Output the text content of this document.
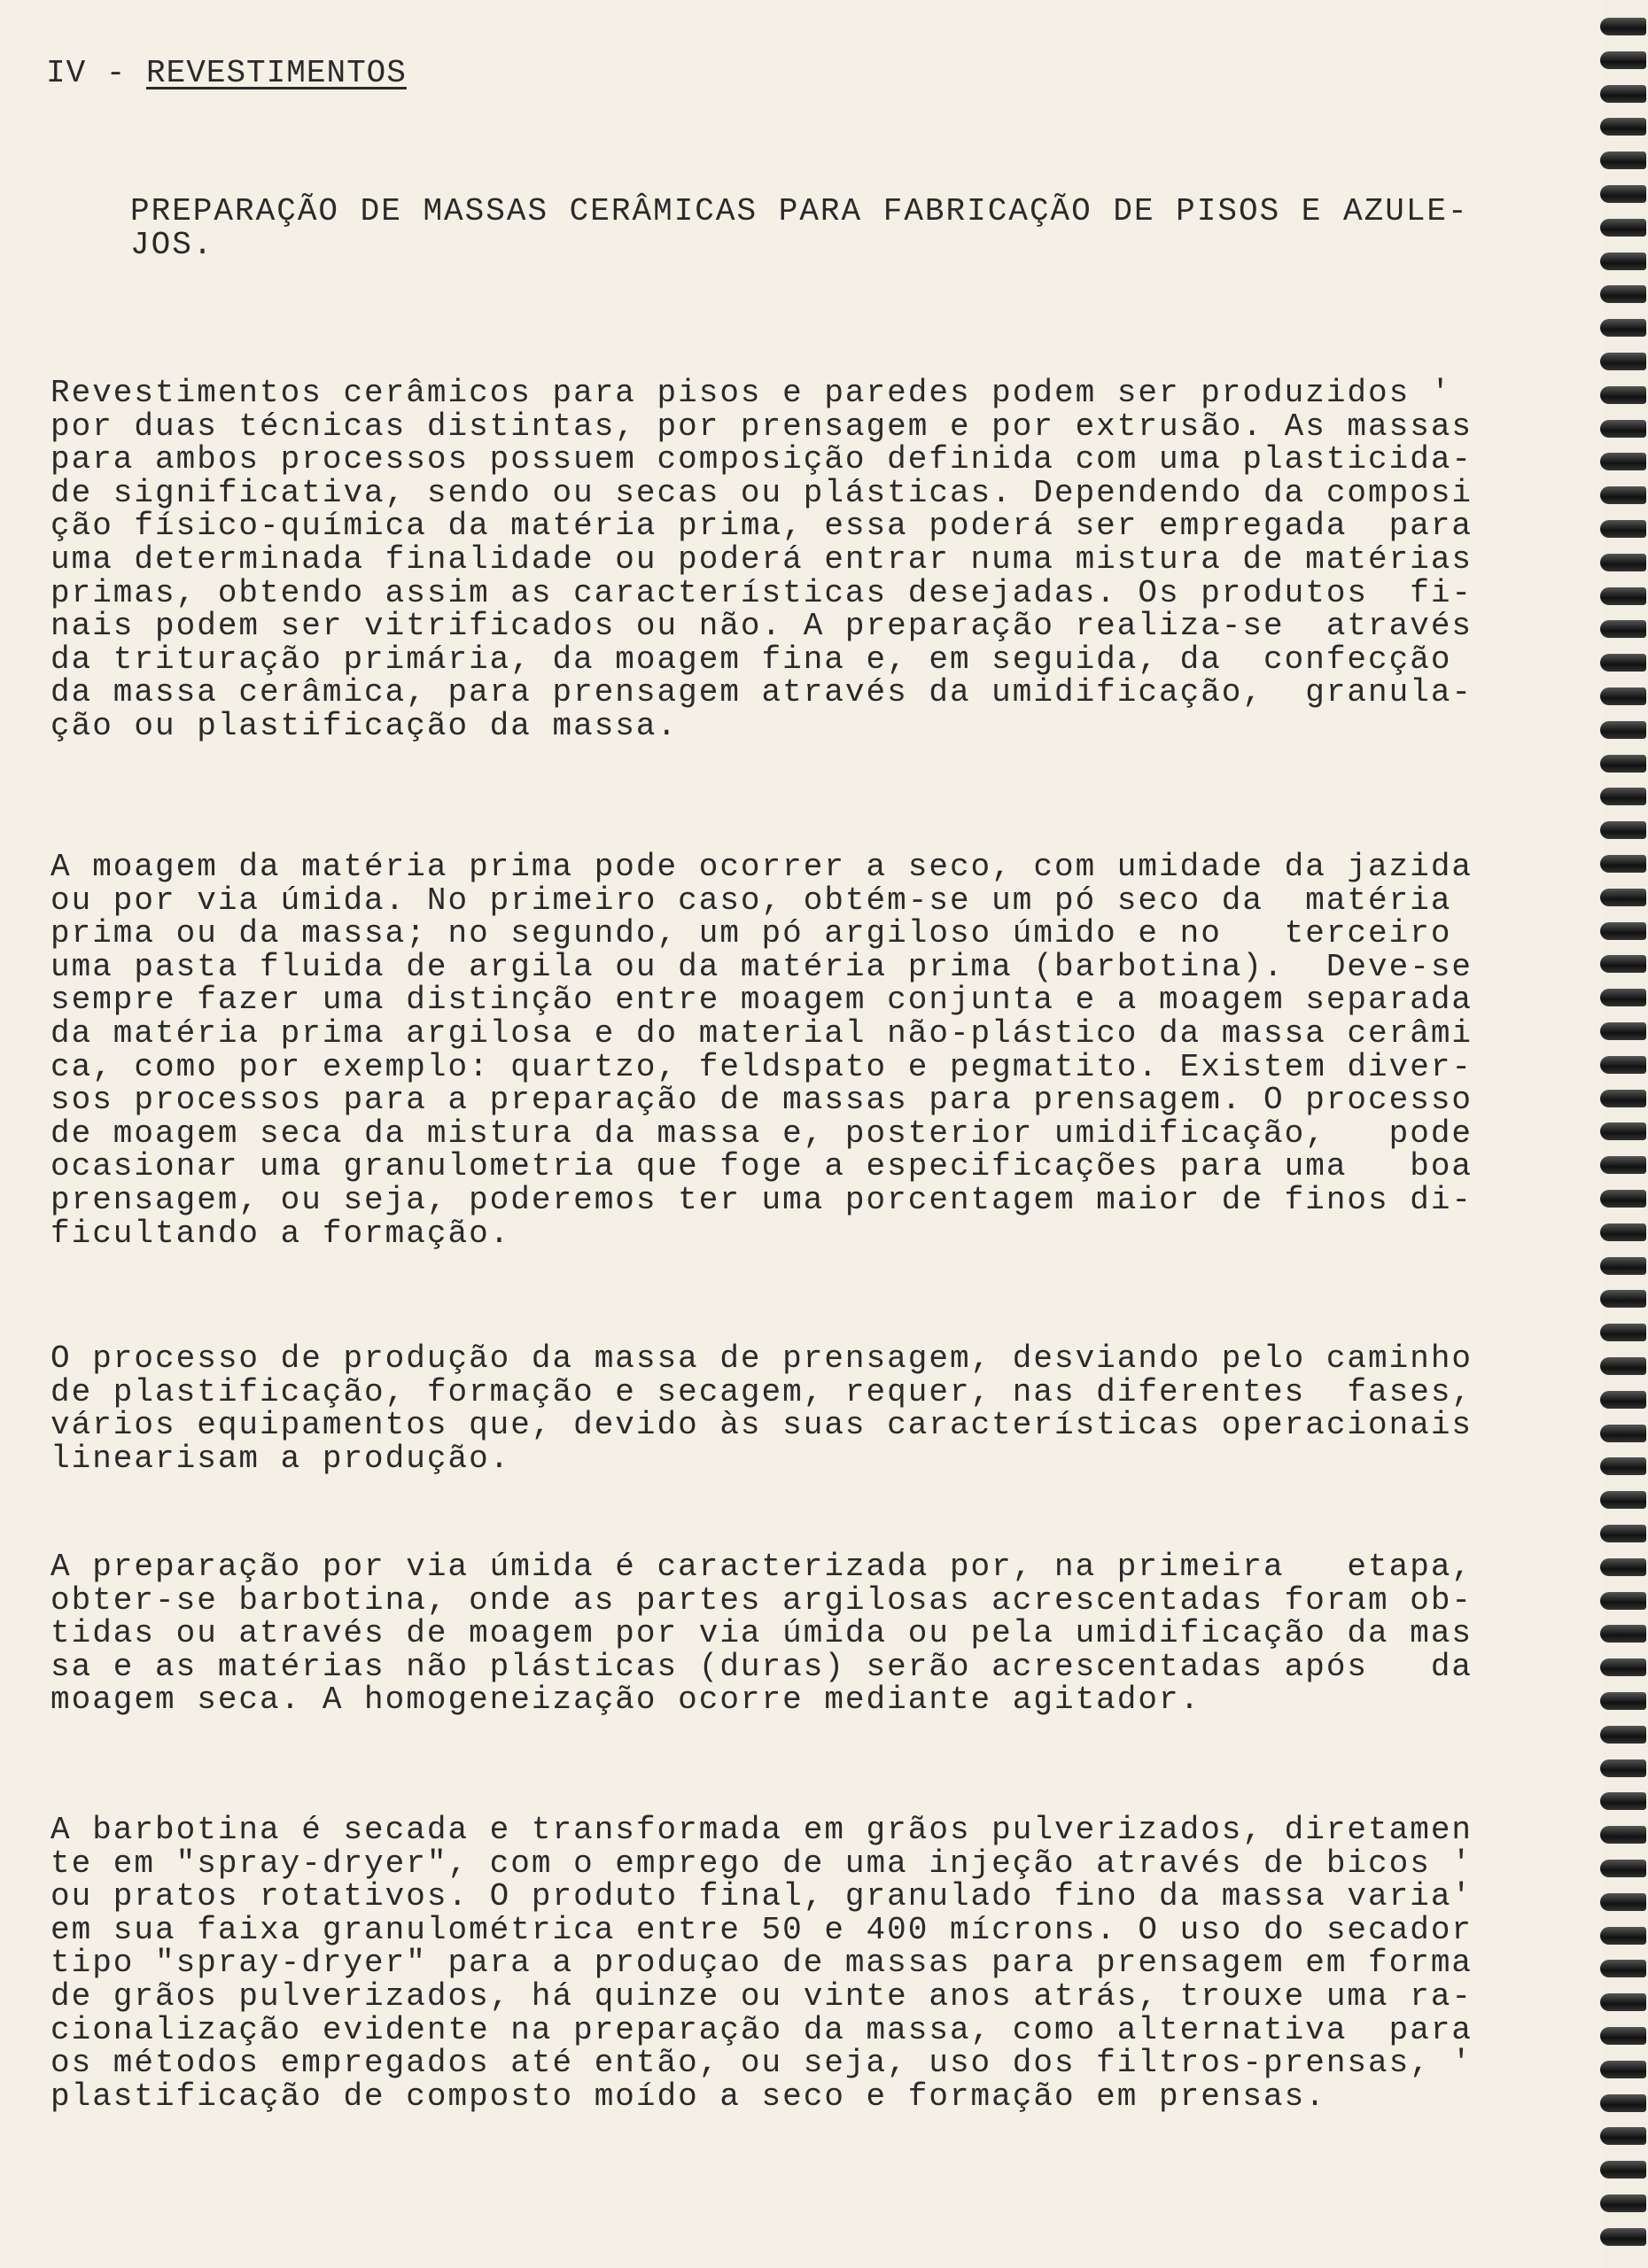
IV - REVESTIMENTOS
PREPARAÇÃO DE MASSAS CERÂMICAS PARA FABRICAÇÃO DE PISOS E AZULE-
JOS.
Revestimentos cerâmicos para pisos e paredes podem ser produzidos '
por duas técnicas distintas, por prensagem e por extrusão. As massas
para ambos processos possuem composição definida com uma plasticida-
de significativa, sendo ou secas ou plásticas. Dependendo da composi
ção físico-química da matéria prima, essa poderá ser empregada  para
uma determinada finalidade ou poderá entrar numa mistura de matérias
primas, obtendo assim as características desejadas. Os produtos  fi-
nais podem ser vitrificados ou não. A preparação realiza-se  através
da trituração primária, da moagem fina e, em seguida, da  confecção
da massa cerâmica, para prensagem através da umidificação,  granula-
ção ou plastificação da massa.
A moagem da matéria prima pode ocorrer a seco, com umidade da jazida
ou por via úmida. No primeiro caso, obtém-se um pó seco da  matéria
prima ou da massa; no segundo, um pó argiloso úmido e no   terceiro
uma pasta fluida de argila ou da matéria prima (barbotina).  Deve-se
sempre fazer uma distinção entre moagem conjunta e a moagem separada
da matéria prima argilosa e do material não-plástico da massa cerâmi
ca, como por exemplo: quartzo, feldspato e pegmatito. Existem diver-
sos processos para a preparação de massas para prensagem. O processo
de moagem seca da mistura da massa e, posterior umidificação,   pode
ocasionar uma granulometria que foge a especificações para uma   boa
prensagem, ou seja, poderemos ter uma porcentagem maior de finos di-
ficultando a formação.
O processo de produção da massa de prensagem, desviando pelo caminho
de plastificação, formação e secagem, requer, nas diferentes  fases,
vários equipamentos que, devido às suas características operacionais
linearisam a produção.
A preparação por via úmida é caracterizada por, na primeira   etapa,
obter-se barbotina, onde as partes argilosas acrescentadas foram ob-
tidas ou através de moagem por via úmida ou pela umidificação da mas
sa e as matérias não plásticas (duras) serão acrescentadas após   da
moagem seca. A homogeneização ocorre mediante agitador.
A barbotina é secada e transformada em grãos pulverizados, diretamen
te em "spray-dryer", com o emprego de uma injeção através de bicos '
ou pratos rotativos. O produto final, granulado fino da massa varia'
em sua faixa granulométrica entre 50 e 400 mícrons. O uso do secador
tipo "spray-dryer" para a produçao de massas para prensagem em forma
de grãos pulverizados, há quinze ou vinte anos atrás, trouxe uma ra-
cionalização evidente na preparação da massa, como alternativa  para
os métodos empregados até então, ou seja, uso dos filtros-prensas, '
plastificação de composto moído a seco e formação em prensas.
